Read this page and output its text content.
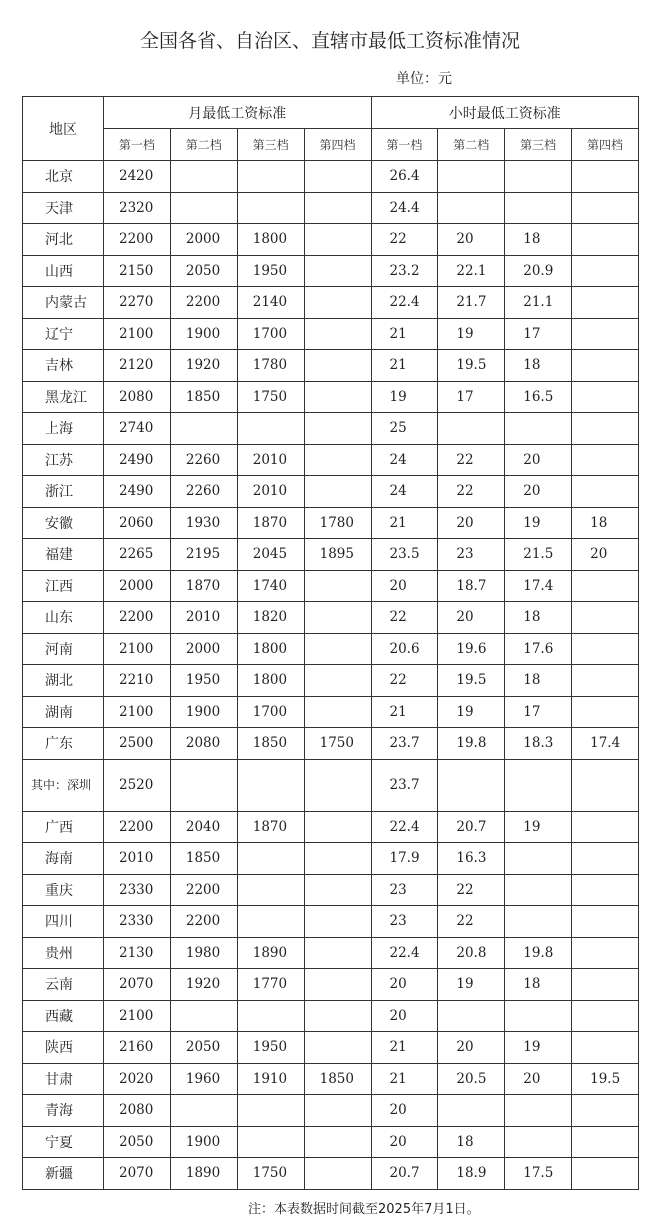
全国各省、自治区、直辖市最低工资标准情况
单位：元
地区	月最低工资标准				小时最低工资标准			
	第一档	第二档	第三档	第四档	第一档	第二档	第三档	第四档
北京	2420				26.4			
天津	2320				24.4			
河北	2200	2000	1800		22	20	18	
山西	2150	2050	1950		23.2	22.1	20.9	
内蒙古	2270	2200	2140		22.4	21.7	21.1	
辽宁	2100	1900	1700		21	19	17	
吉林	2120	1920	1780		21	19.5	18	
黑龙江	2080	1850	1750		19	17	16.5	
上海	2740				25			
江苏	2490	2260	2010		24	22	20	
浙江	2490	2260	2010		24	22	20	
安徽	2060	1930	1870	1780	21	20	19	18
福建	2265	2195	2045	1895	23.5	23	21.5	20
江西	2000	1870	1740		20	18.7	17.4	
山东	2200	2010	1820		22	20	18	
河南	2100	2000	1800		20.6	19.6	17.6	
湖北	2210	1950	1800		22	19.5	18	
湖南	2100	1900	1700		21	19	17	
广东	2500	2080	1850	1750	23.7	19.8	18.3	17.4
其中：深圳	2520				23.7			
广西	2200	2040	1870		22.4	20.7	19	
海南	2010	1850			17.9	16.3		
重庆	2330	2200			23	22		
四川	2330	2200			23	22		
贵州	2130	1980	1890		22.4	20.8	19.8	
云南	2070	1920	1770		20	19	18	
西藏	2100				20			
陕西	2160	2050	1950		21	20	19	
甘肃	2020	1960	1910	1850	21	20.5	20	19.5
青海	2080				20			
宁夏	2050	1900			20	18		
新疆	2070	1890	1750		20.7	18.9	17.5	
注：本表数据时间截至2025年7月1日。
